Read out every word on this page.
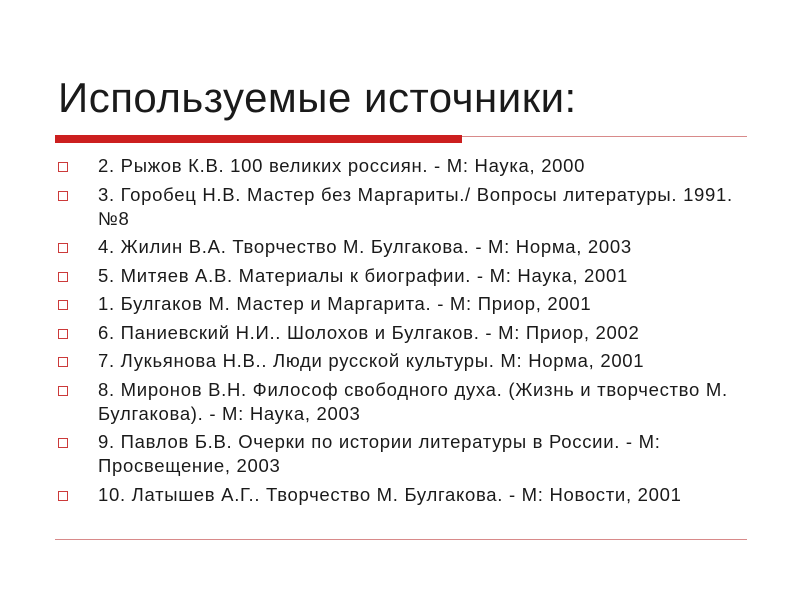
Используемые источники:
2. Рыжов К.В. 100 великих россиян. - М: Наука, 2000
3. Горобец Н.В. Мастер без Маргариты./ Вопросы литературы. 1991. №8
4. Жилин В.А. Творчество М. Булгакова. - М: Норма, 2003
5. Митяев А.В. Материалы к биографии. - М: Наука, 2001
1. Булгаков М. Мастер и Маргарита. - М: Приор, 2001
6. Паниевский Н.И.. Шолохов и Булгаков. - М: Приор, 2002
7. Лукьянова Н.В.. Люди русской культуры. М: Норма, 2001
8. Миронов В.Н. Философ свободного духа. (Жизнь и творчество М. Булгакова). - М: Наука, 2003
9. Павлов Б.В. Очерки по истории литературы в России. - М: Просвещение, 2003
10. Латышев А.Г.. Творчество М. Булгакова. - М: Новости, 2001
